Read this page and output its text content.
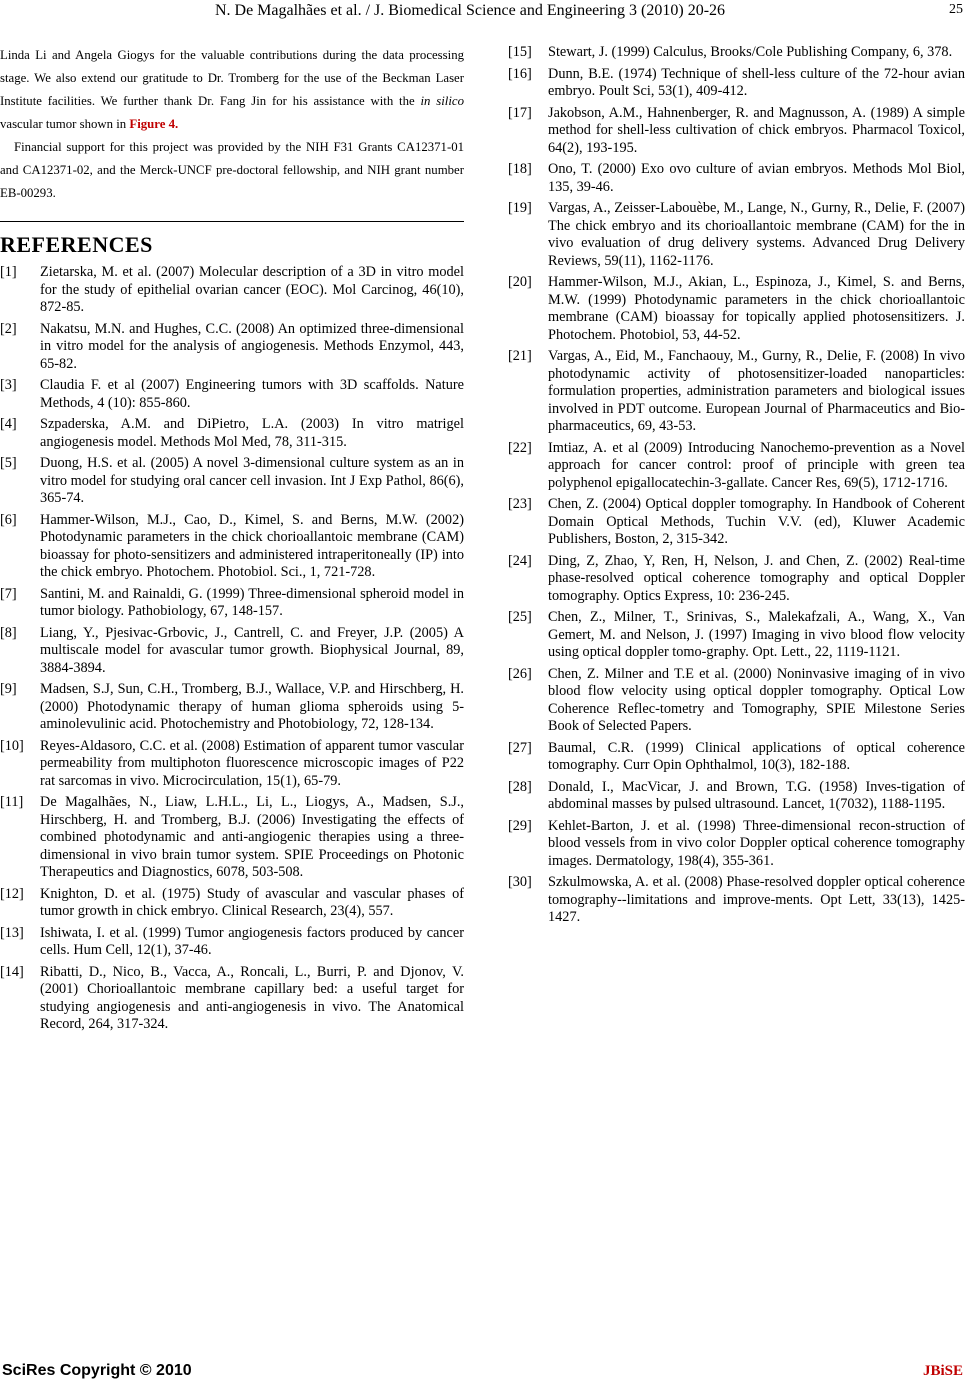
N. De Magalhães et al. / J. Biomedical Science and Engineering 3 (2010) 20-26	25

Linda Li and Angela Giogys for the valuable contributions during the data processing stage. We also extend our gratitude to Dr. Tromberg for the use of the Beckman Laser Institute facilities. We further thank Dr. Fang Jin for his assistance with the in silico vascular tumor shown in Figure 4.

Financial support for this project was provided by the NIH F31 Grants CA12371-01 and CA12371-02, and the Merck-UNCF pre-doctoral fellowship, and NIH grant number EB-00293.

REFERENCES
[1]	Zietarska, M. et al. (2007) Molecular description of a 3D in vitro model for the study of epithelial ovarian cancer (EOC). Mol Carcinog, 46(10), 872-85.
[2]	Nakatsu, M.N. and Hughes, C.C. (2008) An optimized three-dimensional in vitro model for the analysis of angiogenesis. Methods Enzymol, 443, 65-82.
[3]	Claudia F. et al (2007) Engineering tumors with 3D scaffolds. Nature Methods, 4 (10): 855-860.
[4]	Szpaderska, A.M. and DiPietro, L.A. (2003) In vitro matrigel angiogenesis model. Methods Mol Med, 78, 311-315.
[5]	Duong, H.S. et al. (2005) A novel 3-dimensional culture system as an in vitro model for studying oral cancer cell invasion. Int J Exp Pathol, 86(6), 365-74.
[6]	Hammer-Wilson, M.J., Cao, D., Kimel, S. and Berns, M.W. (2002) Photodynamic parameters in the chick chorioallantoic membrane (CAM) bioassay for photo-sensitizers and administered intraperitoneally (IP) into the chick embryo. Photochem. Photobiol. Sci., 1, 721-728.
[7]	Santini, M. and Rainaldi, G. (1999) Three-dimensional spheroid model in tumor biology. Pathobiology, 67, 148-157.
[8]	Liang, Y., Pjesivac-Grbovic, J., Cantrell, C. and Freyer, J.P. (2005) A multiscale model for avascular tumor growth. Biophysical Journal, 89, 3884-3894.
[9]	Madsen, S.J, Sun, C.H., Tromberg, B.J., Wallace, V.P. and Hirschberg, H. (2000) Photodynamic therapy of human glioma spheroids using 5-aminolevulinic acid. Photochemistry and Photobiology, 72, 128-134.
[10]	Reyes-Aldasoro, C.C. et al. (2008) Estimation of apparent tumor vascular permeability from multiphoton fluorescence microscopic images of P22 rat sarcomas in vivo. Microcirculation, 15(1), 65-79.
[11]	De Magalhães, N., Liaw, L.H.L., Li, L., Liogys, A., Madsen, S.J., Hirschberg, H. and Tromberg, B.J. (2006) Investigating the effects of combined photodynamic and anti-angiogenic therapies using a three-dimensional in vivo brain tumor system. SPIE Proceedings on Photonic Therapeutics and Diagnostics, 6078, 503-508.
[12]	Knighton, D. et al. (1975) Study of avascular and vascular phases of tumor growth in chick embryo. Clinical Research, 23(4), 557.
[13]	Ishiwata, I. et al. (1999) Tumor angiogenesis factors produced by cancer cells. Hum Cell, 12(1), 37-46.
[14]	Ribatti, D., Nico, B., Vacca, A., Roncali, L., Burri, P. and Djonov, V. (2001) Chorioallantoic membrane capillary bed: a useful target for studying angiogenesis and anti-angiogenesis in vivo. The Anatomical Record, 264, 317-324.
[15]	Stewart, J. (1999) Calculus, Brooks/Cole Publishing Company, 6, 378.
[16]	Dunn, B.E. (1974) Technique of shell-less culture of the 72-hour avian embryo. Poult Sci, 53(1), 409-412.
[17]	Jakobson, A.M., Hahnenberger, R. and Magnusson, A. (1989) A simple method for shell-less cultivation of chick embryos. Pharmacol Toxicol, 64(2), 193-195.
[18]	Ono, T. (2000) Exo ovo culture of avian embryos. Methods Mol Biol, 135, 39-46.
[19]	Vargas, A., Zeisser-Labouèbe, M., Lange, N., Gurny, R., Delie, F. (2007) The chick embryo and its chorioallantoic membrane (CAM) for the in vivo evaluation of drug delivery systems. Advanced Drug Delivery Reviews, 59(11), 1162-1176.
[20]	Hammer-Wilson, M.J., Akian, L., Espinoza, J., Kimel, S. and Berns, M.W. (1999) Photodynamic parameters in the chick chorioallantoic membrane (CAM) bioassay for topically applied photosensitizers. J. Photochem. Photobiol, 53, 44-52.
[21]	Vargas, A., Eid, M., Fanchaouy, M., Gurny, R., Delie, F. (2008) In vivo photodynamic activity of photosensitizer-loaded nanoparticles: formulation properties, administration parameters and biological issues involved in PDT outcome. European Journal of Pharmaceutics and Bio-pharmaceutics, 69, 43-53.
[22]	Imtiaz, A. et al (2009) Introducing Nanochemo-prevention as a Novel approach for cancer control: proof of principle with green tea polyphenol epigallocatechin-3-gallate. Cancer Res, 69(5), 1712-1716.
[23]	Chen, Z. (2004) Optical doppler tomography. In Handbook of Coherent Domain Optical Methods, Tuchin V.V. (ed), Kluwer Academic Publishers, Boston, 2, 315-342.
[24]	Ding, Z, Zhao, Y, Ren, H, Nelson, J. and Chen, Z. (2002) Real-time phase-resolved optical coherence tomography and optical Doppler tomography. Optics Express, 10: 236-245.
[25]	Chen, Z., Milner, T., Srinivas, S., Malekafzali, A., Wang, X., Van Gemert, M. and Nelson, J. (1997) Imaging in vivo blood flow velocity using optical doppler tomo-graphy. Opt. Lett., 22, 1119-1121.
[26]	Chen, Z. Milner and T.E et al. (2000) Noninvasive imaging of in vivo blood flow velocity using optical doppler tomography. Optical Low Coherence Reflec-tometry and Tomography, SPIE Milestone Series Book of Selected Papers.
[27]	Baumal, C.R. (1999) Clinical applications of optical coherence tomography. Curr Opin Ophthalmol, 10(3), 182-188.
[28]	Donald, I., MacVicar, J. and Brown, T.G. (1958) Inves-tigation of abdominal masses by pulsed ultrasound. Lancet, 1(7032), 1188-1195.
[29]	Kehlet-Barton, J. et al. (1998) Three-dimensional recon-struction of blood vessels from in vivo color Doppler optical coherence tomography images. Dermatology, 198(4), 355-361.
[30]	Szkulmowska, A. et al. (2008) Phase-resolved doppler optical coherence tomography--limitations and improve-ments. Opt Lett, 33(13), 1425-1427.
SciRes Copyright © 2010	JBiSE
